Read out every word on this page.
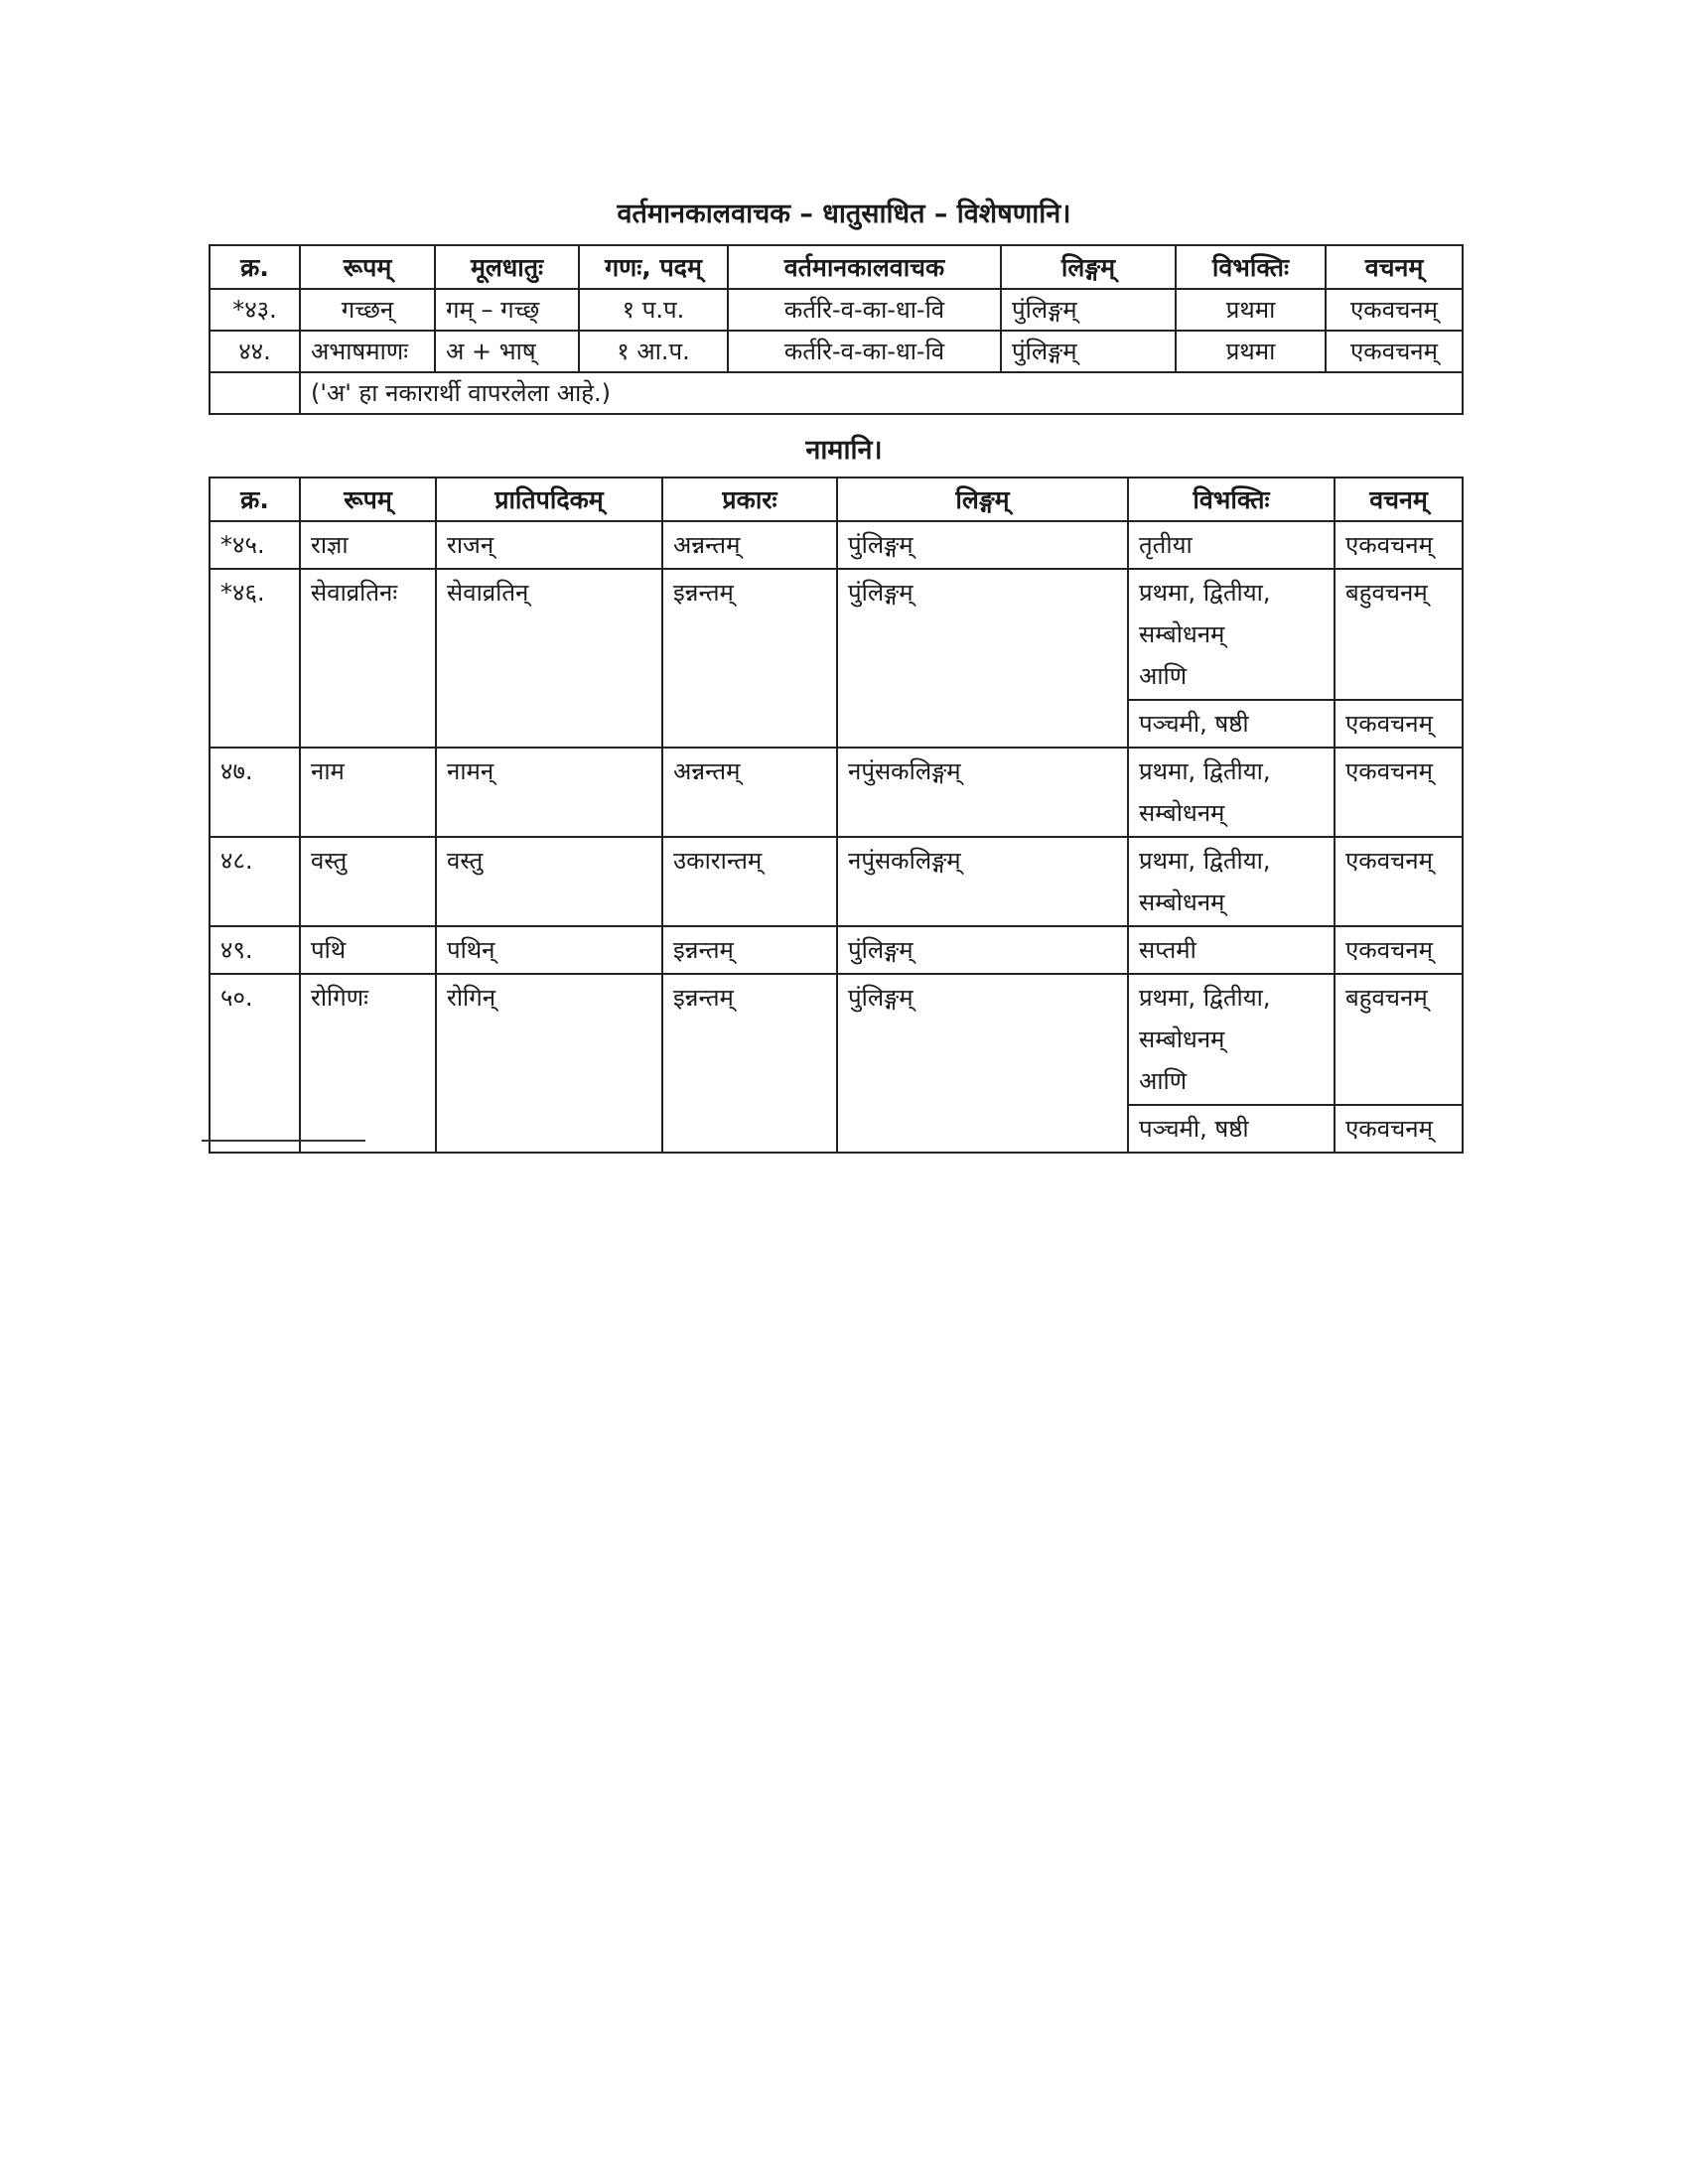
वर्तमानकालवाचक – धातुसाधित – विशेषणानि।
क्र.	रूपम्	मूलधातुः	गणः, पदम्	वर्तमानकालवाचक	लिङ्गम्	विभक्तिः	वचनम्
*४३.	गच्छन्	गम् – गच्छ्	१ प.प.	कर्तरि-व-का-धा-वि	पुंलिङ्गम्	प्रथमा	एकवचनम्
४४.	अभाषमाणः	अ + भाष्	१ आ.प.	कर्तरि-व-का-धा-वि	पुंलिङ्गम्	प्रथमा	एकवचनम्
	('अ' हा नकारार्थी वापरलेला आहे.)						
नामानि।
क्र.	रूपम्	प्रातिपदिकम्	प्रकारः	लिङ्गम्	विभक्तिः	वचनम्
*४५.	राज्ञा	राजन्	अन्नन्तम्	पुंलिङ्गम्	तृतीया	एकवचनम्
*४६.	सेवाव्रतिनः	सेवाव्रतिन्	इन्नन्तम्	पुंलिङ्गम्	प्रथमा, द्वितीया,
सम्बोधनम्
आणि	बहुवचनम्
					पञ्चमी, षष्ठी	एकवचनम्
४७.	नाम	नामन्	अन्नन्तम्	नपुंसकलिङ्गम्	प्रथमा, द्वितीया,
सम्बोधनम्	एकवचनम्
४८.	वस्तु	वस्तु	उकारान्तम्	नपुंसकलिङ्गम्	प्रथमा, द्वितीया,
सम्बोधनम्	एकवचनम्
४९.	पथि	पथिन्	इन्नन्तम्	पुंलिङ्गम्	सप्तमी	एकवचनम्
५०.	रोगिणः	रोगिन्	इन्नन्तम्	पुंलिङ्गम्	प्रथमा, द्वितीया,
सम्बोधनम्
आणि	बहुवचनम्
					पञ्चमी, षष्ठी	एकवचनम्
